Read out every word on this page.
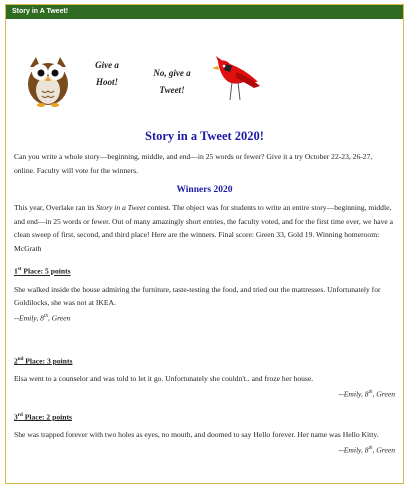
Story in A Tweet!
Give a Hoot!
No, give a Tweet!
Story in a Tweet 2020!

Can you write a whole story—beginning, middle, and end—in 25 words or fewer? Give it a try October 22-23, 26-27, online. Faculty will vote for the winners.

Winners 2020

This year, Overlake ran its Story in a Tweet contest. The object was for students to write an entire story—beginning, middle, and end—in 25 words or fewer. Out of many amazingly short entries, the faculty voted, and for the first time ever, we have a clean sweep of first, second, and third place! Here are the winners. Final score: Green 33, Gold 19. Winning homeroom: McGrath

1st Place: 5 points

She walked inside the house admiring the furniture, taste-testing the food, and tried out the mattresses. Unfortunately for Goldilocks, she was not at IKEA.

--Emily, 8th, Green
2nd Place: 3 points

Elsa went to a counselor and was told to let it go. Unfortunately she couldn't.. and froze her house.

--Emily, 8th, Green
3rd Place: 2 points

She was trapped forever with two holes as eyes, no mouth, and doomed to say Hello forever. Her name was Hello Kitty.

--Emily, 8th, Green
